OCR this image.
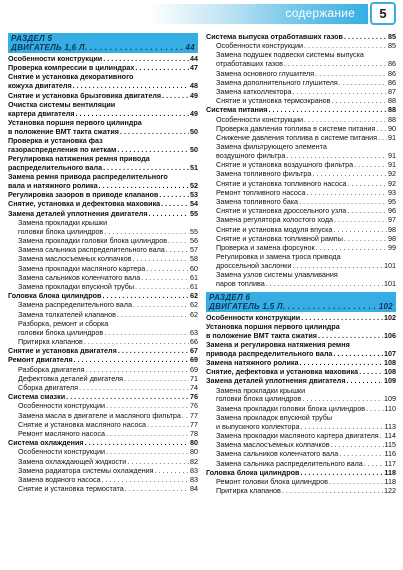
содержание	5
РАЗДЕЛ 5
ДВИГАТЕЛЬ 1,6 Л . . .	44
Особенности конструкции . . .	44
Проверка компрессии в цилиндрах . . .	47
Снятие и установка декоративного
кожуха двигателя . . .	48
Снятие и установка брызговика двигателя . . .	49
Очистка системы вентиляции
картера двигателя . . .	49
Установка поршня первого цилиндра
в положение ВМТ такта сжатия . . .	50
Проверка и установка фаз
газораспределения по меткам . . .	50
Регулировка натяжения ремня привода
распределительного вала . . .	51
Замена ремня привода распределительного
вала и натяжного ролика . . .	52
Регулировка зазоров в приводе клапанов . . .	53
Снятие, установка и дефектовка маховика . . .	54
Замена деталей уплотнения двигателя . . .	55
Замена прокладки крышки
головки блока цилиндров . . .	55
Замена прокладки головки блока цилиндров . . .	56
Замена сальника распределительного вала . . .	57
Замена маслосъемных колпачков . . .	58
Замена прокладки масляного картера . . .	60
Замена сальников коленчатого вала . . .	61
Замена прокладки впускной трубы . . .	61
Головка блока цилиндров . . .	62
Замена распределительного вала . . .	62
Замена толкателей клапанов . . .	62
Разборка, ремонт и сборка
головки блока цилиндров . . .	63
Притирка клапанов . . .	66
Снятие и установка двигателя . . .	67
Ремонт двигателя . . .	69
Разборка двигателя . . .	69
Дефектовка деталей двигателя . . .	71
Сборка двигателя . . .	74
Система смазки . . .	76
Особенности конструкции . . .	76
Замена масла в двигателе и масляного фильтра . . . 77
Снятие и установка масляного насоса . . .	77
Ремонт масляного насоса . . .	78
Система охлаждения . . .	80
Особенности конструкции . . .	80
Замена охлаждающей жидкости . . .	82
Замена радиатора системы охлаждения . . .	83
Замена водяного насоса . . .	83
Снятие и установка термостата . . .	84
Система выпуска отработавших газов . . .	85
Особенности конструкции . . .	85
Замена подушек подвески системы выпуска
отработавших газов . . .	86
Замена основного глушителя . . .	86
Замена дополнительного глушителя . . .	86
Замена катколлектора . . .	87
Снятие и установка термоэкранов . . .	88
Система питания . . .	88
Особенности конструкции . . .	88
Проверка давления топлива в системе питания . . . 90
Снижение давления топлива в системе питания . . . 91
Замена фильтрующего элемента
воздушного фильтра . . .	91
Снятие и установка воздушного фильтра . . .	91
Замена топливного фильтра . . .	92
Снятие и установка топливного насоса . . .	92
Ремонт топливного насоса . . .	93
Замена топливного бака . . .	95
Снятие и установка дроссельного узла . . .	96
Замена регулятора холостого хода . . .	97
Снятие и установка модуля впуска . . .	98
Снятие и установка топливной рампы . . .	98
Проверка и замена форсунок . . .	99
Регулировка и замена троса привода
дроссельной заслонки . . .	101
Замена узлов системы улавливания
паров топлива . . .	101
РАЗДЕЛ 6
ДВИГАТЕЛЬ 1,5 Л . . .	102
Особенности конструкции . . .	102
Установка поршня первого цилиндра
в положение ВМТ такта сжатия . . .	106
Замена и регулировка натяжения ремня
привода распределительного вала . . .	107
Замена натяжного ролика . . .	108
Снятие, дефектовка и установка маховика . . .	108
Замена деталей уплотнения двигателя . . .	109
Замена прокладки крышки
головки блока цилиндров . . .	109
Замена прокладки головки блока цилиндров . . .	110
Замена прокладок впускной трубы
и выпускного коллектора . . .	113
Замена прокладки масляного картера двигателя . . . 114
Замена маслосъемных колпачков . . .	115
Замена сальников коленчатого вала . . .	116
Замена сальника распределительного вала . . .	117
Головка блока цилиндров . . .	118
Ремонт головки блока цилиндров . . .	118
Притирка клапанов . . .	122
